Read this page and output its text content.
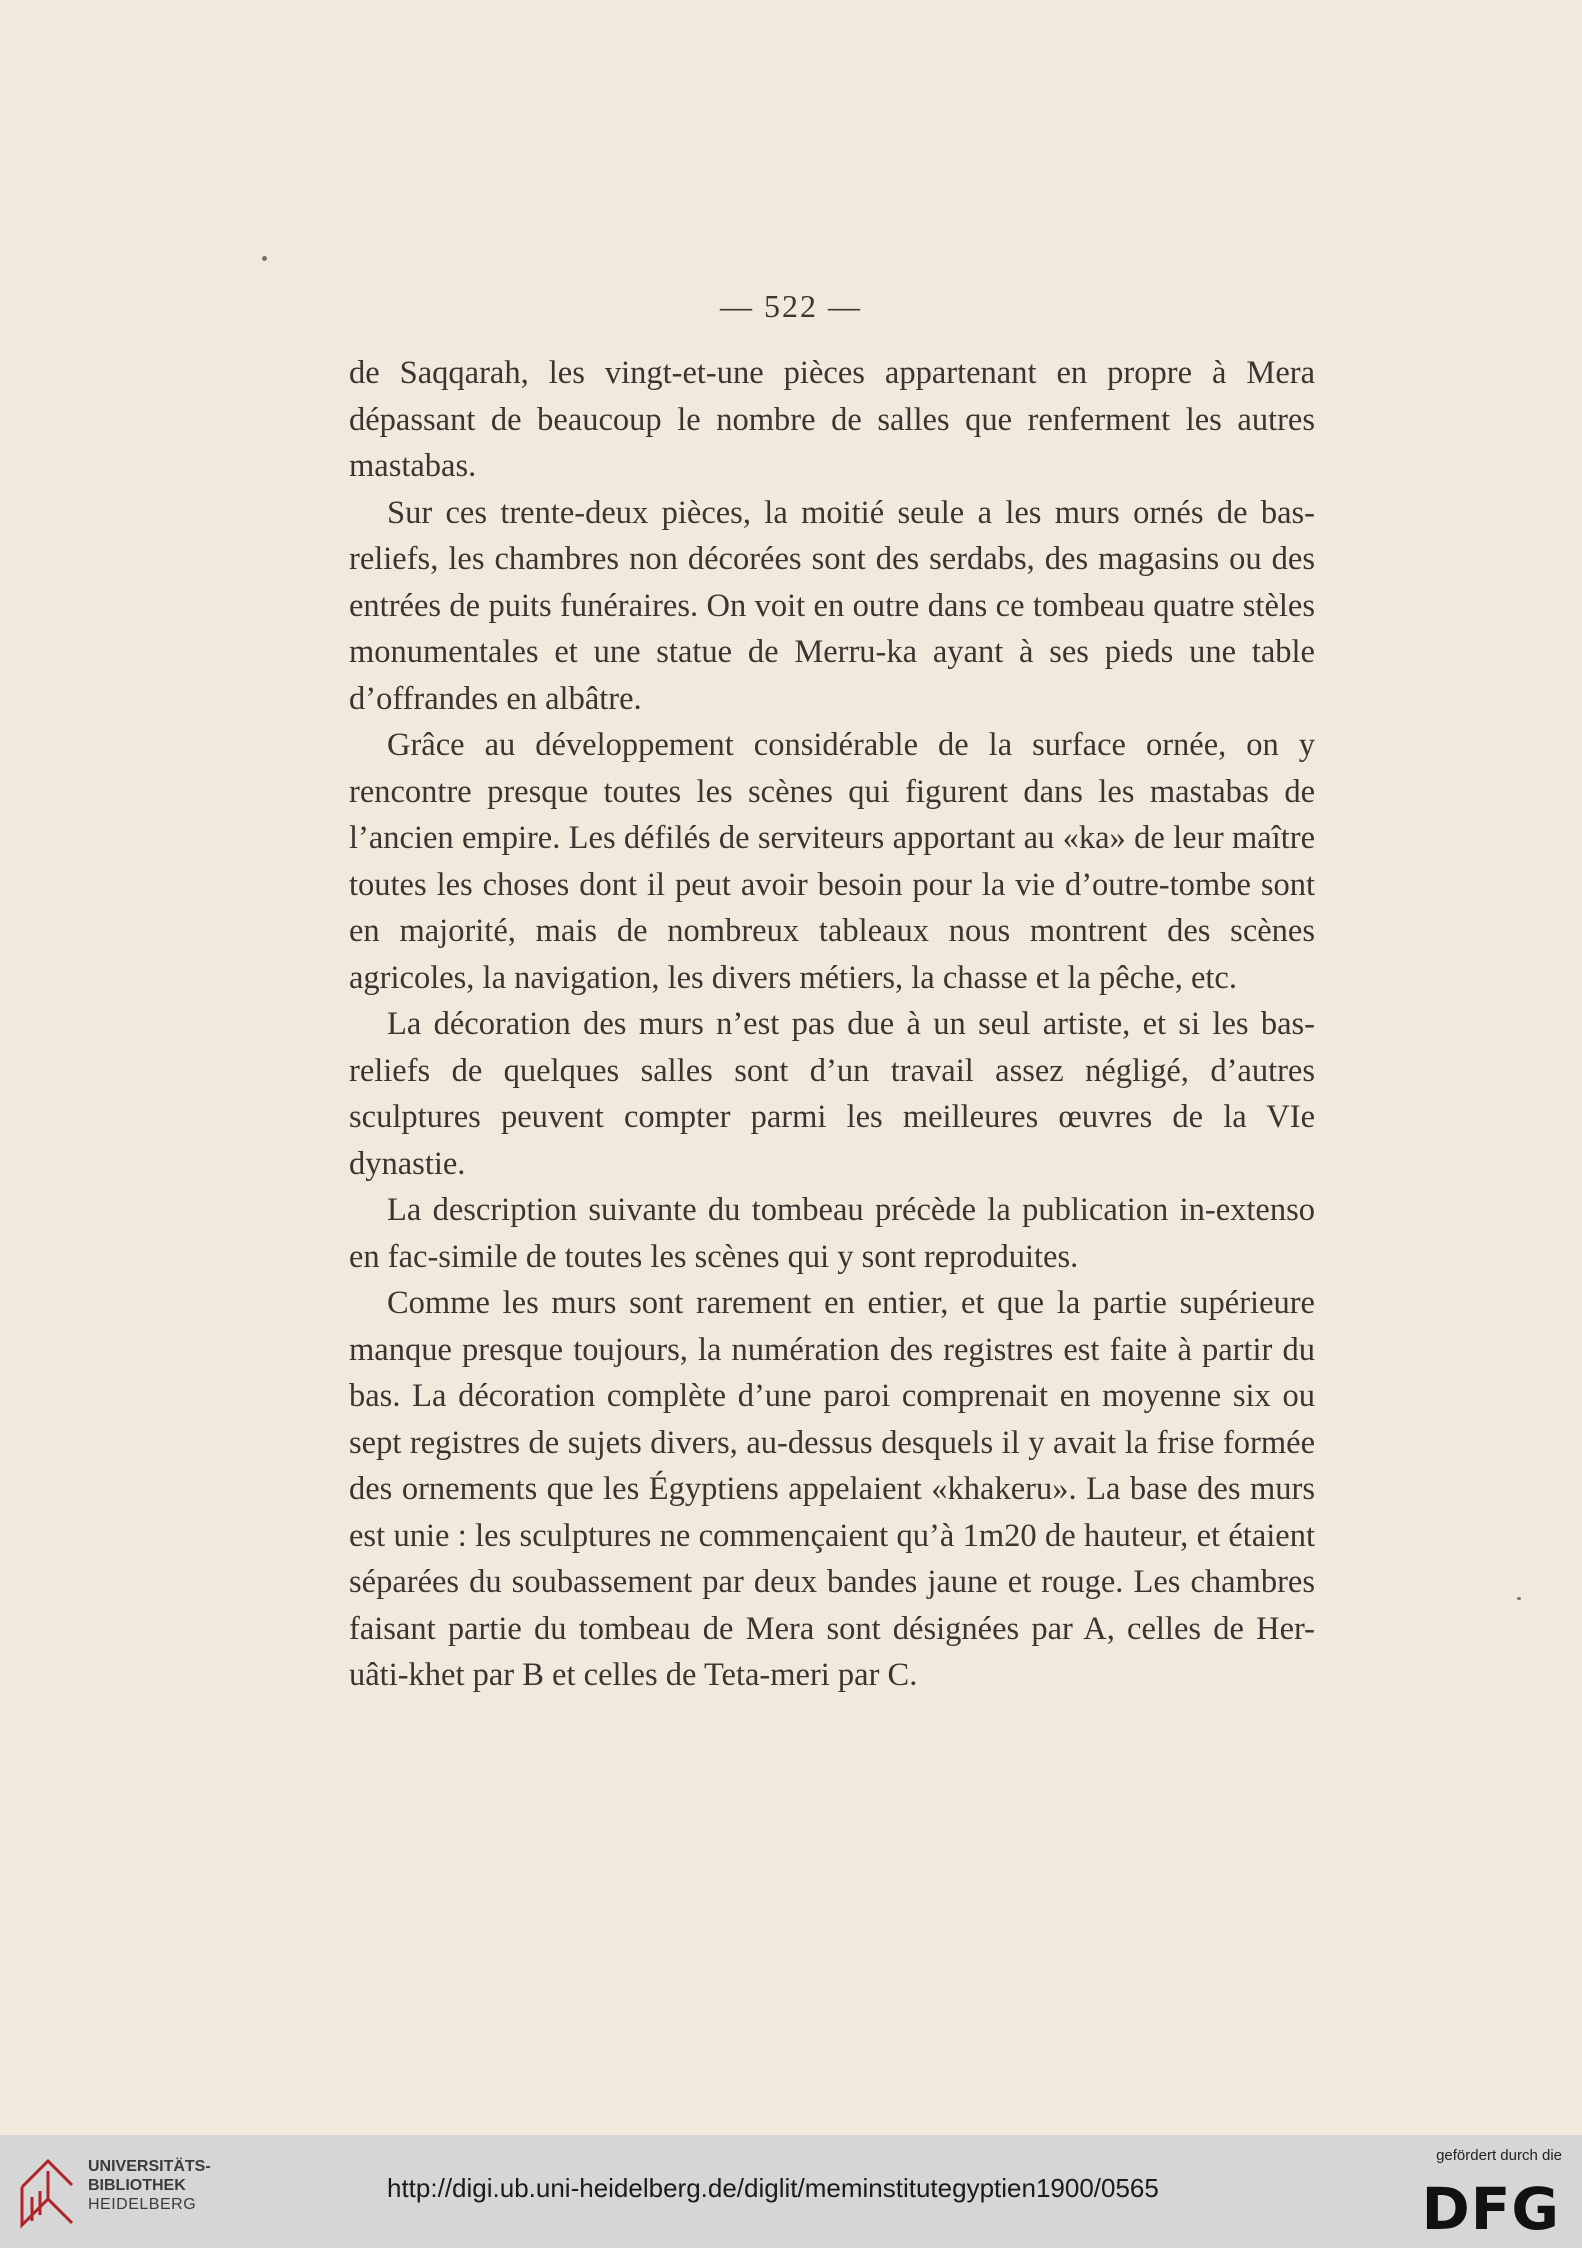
— 522 —

de Saqqarah, les vingt-et-une pièces appartenant en propre à Mera dépassant de beaucoup le nombre de salles que renferment les autres mastabas.

Sur ces trente-deux pièces, la moitié seule a les murs ornés de bas-reliefs, les chambres non décorées sont des serdabs, des magasins ou des entrées de puits funéraires. On voit en outre dans ce tombeau quatre stèles monumentales et une statue de Merru-ka ayant à ses pieds une table d’offrandes en albâtre.

Grâce au développement considérable de la surface ornée, on y rencontre presque toutes les scènes qui figurent dans les mastabas de l’ancien empire. Les défilés de serviteurs apportant au «ka» de leur maître toutes les choses dont il peut avoir besoin pour la vie d’outre-tombe sont en majorité, mais de nombreux tableaux nous montrent des scènes agricoles, la navigation, les divers métiers, la chasse et la pêche, etc.

La décoration des murs n’est pas due à un seul artiste, et si les bas-reliefs de quelques salles sont d’un travail assez négligé, d’autres sculptures peuvent compter parmi les meilleures œuvres de la VIe dynastie.

La description suivante du tombeau précède la publication in-extenso en fac-simile de toutes les scènes qui y sont reproduites.

Comme les murs sont rarement en entier, et que la partie supérieure manque presque toujours, la numération des registres est faite à partir du bas. La décoration complète d’une paroi comprenait en moyenne six ou sept registres de sujets divers, au-dessus desquels il y avait la frise formée des ornements que les Égyptiens appelaient «khakeru». La base des murs est unie : les sculptures ne commençaient qu’à 1m20 de hauteur, et étaient séparées du soubassement par deux bandes jaune et rouge. Les chambres faisant partie du tombeau de Mera sont désignées par A, celles de Her-uâti-khet par B et celles de Teta-meri par C.

UNIVERSITÄTS-
BIBLIOTHEK
HEIDELBERG
http://digi.ub.uni-heidelberg.de/diglit/meminstitutegyptien1900/0565
gefördert durch die
DFG
